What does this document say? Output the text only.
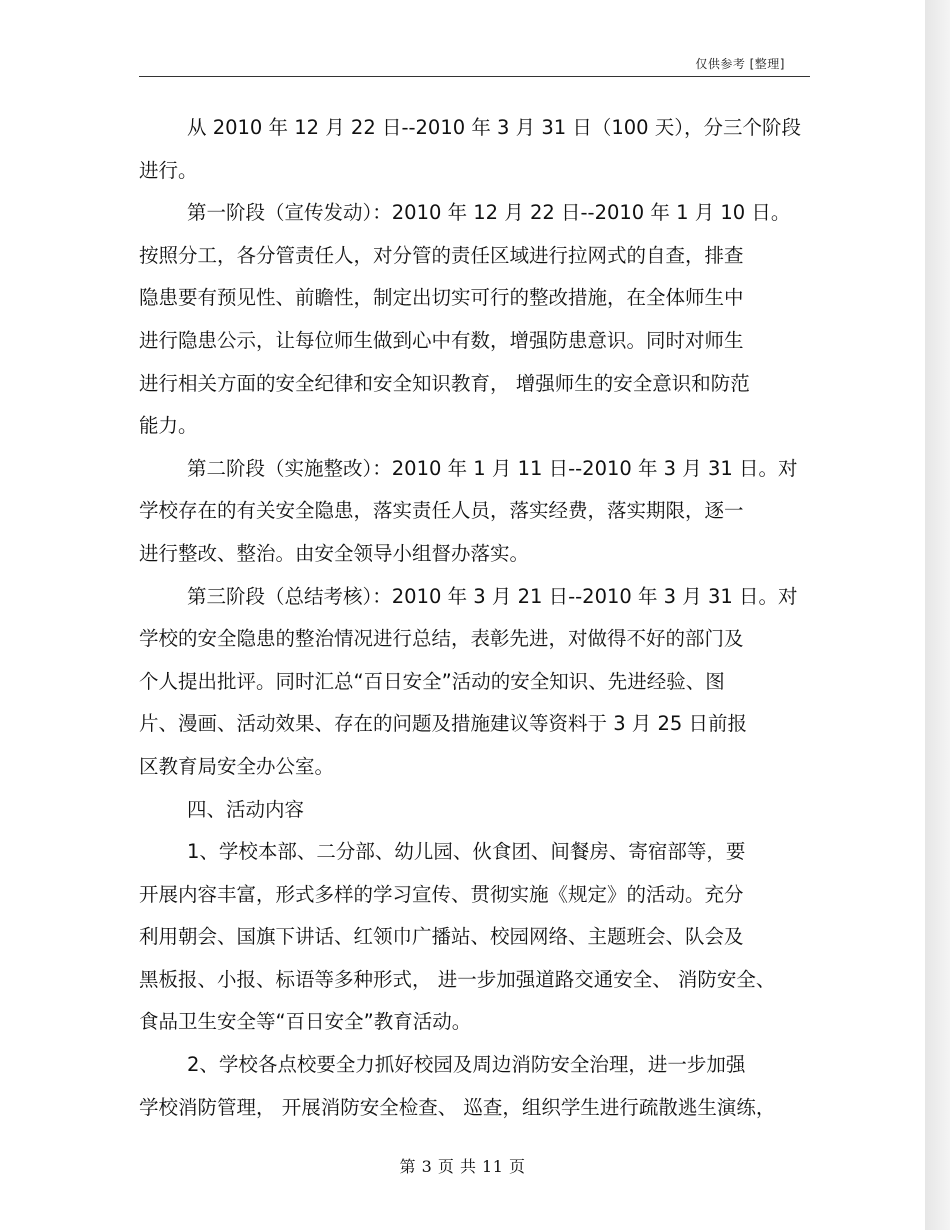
仅供参考 [整理]
从 2010 年 12 月 22 日--2010 年 3 月 31 日（100 天），分三个阶段
进行。
第一阶段（宣传发动）：2010 年 12 月 22 日--2010 年 1 月 10 日。
按照分工，各分管责任人，对分管的责任区域进行拉网式的自查，排查
隐患要有预见性、前瞻性，制定出切实可行的整改措施，在全体师生中
进行隐患公示，让每位师生做到心中有数，增强防患意识。同时对师生
进行相关方面的安全纪律和安全知识教育， 增强师生的安全意识和防范
能力。
第二阶段（实施整改）：2010 年 1 月 11 日--2010 年 3 月 31 日。对
学校存在的有关安全隐患，落实责任人员，落实经费，落实期限，逐一
进行整改、整治。由安全领导小组督办落实。
第三阶段（总结考核）：2010 年 3 月 21 日--2010 年 3 月 31 日。对
学校的安全隐患的整治情况进行总结，表彰先进，对做得不好的部门及
个人提出批评。同时汇总“百日安全”活动的安全知识、先进经验、图
片、漫画、活动效果、存在的问题及措施建议等资料于 3 月 25 日前报
区教育局安全办公室。
四、活动内容
1、学校本部、二分部、幼儿园、伙食团、间餐房、寄宿部等，要
开展内容丰富，形式多样的学习宣传、贯彻实施《规定》的活动。充分
利用朝会、国旗下讲话、红领巾广播站、校园网络、主题班会、队会及
黑板报、小报、标语等多种形式， 进一步加强道路交通安全、 消防安全、
食品卫生安全等“百日安全”教育活动。
2、学校各点校要全力抓好校园及周边消防安全治理，进一步加强
学校消防管理， 开展消防安全检查、 巡查，组织学生进行疏散逃生演练，
第 3 页 共 11 页
